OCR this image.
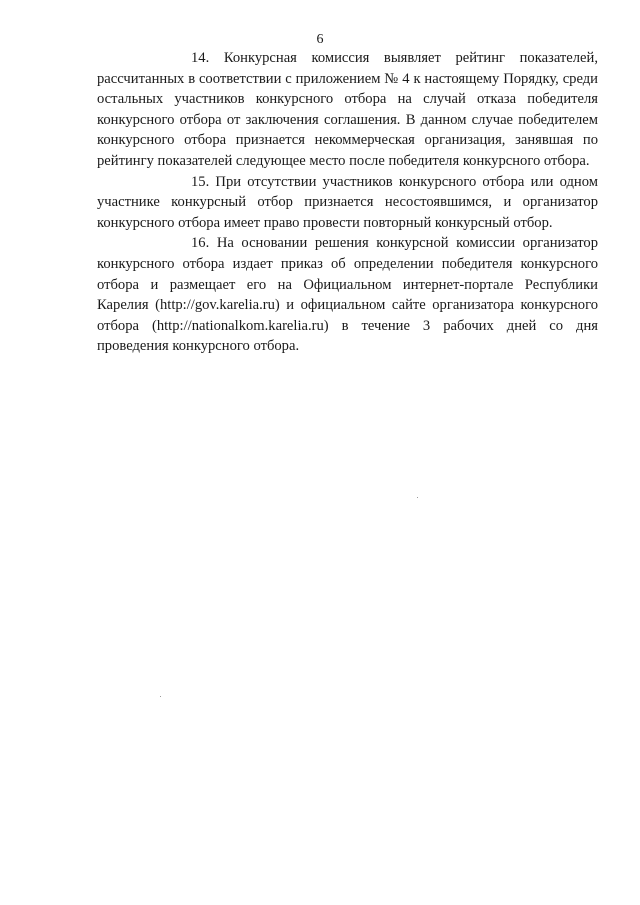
6

14. Конкурсная комиссия выявляет рейтинг показателей, рассчитанных в соответствии с приложением № 4 к настоящему Порядку, среди остальных участников конкурсного отбора на случай отказа победителя конкурсного отбора от заключения соглашения. В данном случае победителем конкурсного отбора признается некоммерческая организация, занявшая по рейтингу показателей следующее место после победителя конкурсного отбора.

15. При отсутствии участников конкурсного отбора или одном участнике конкурсный отбор признается несостоявшимся, и организатор конкурсного отбора имеет право провести повторный конкурсный отбор.

16. На основании решения конкурсной комиссии организатор конкурсного отбора издает приказ об определении победителя конкурсного отбора и размещает его на Официальном интернет-портале Республики Карелия (http://gov.karelia.ru) и официальном сайте организатора конкурсного отбора (http://nationalkom.karelia.ru) в течение 3 рабочих дней со дня проведения конкурсного отбора.
